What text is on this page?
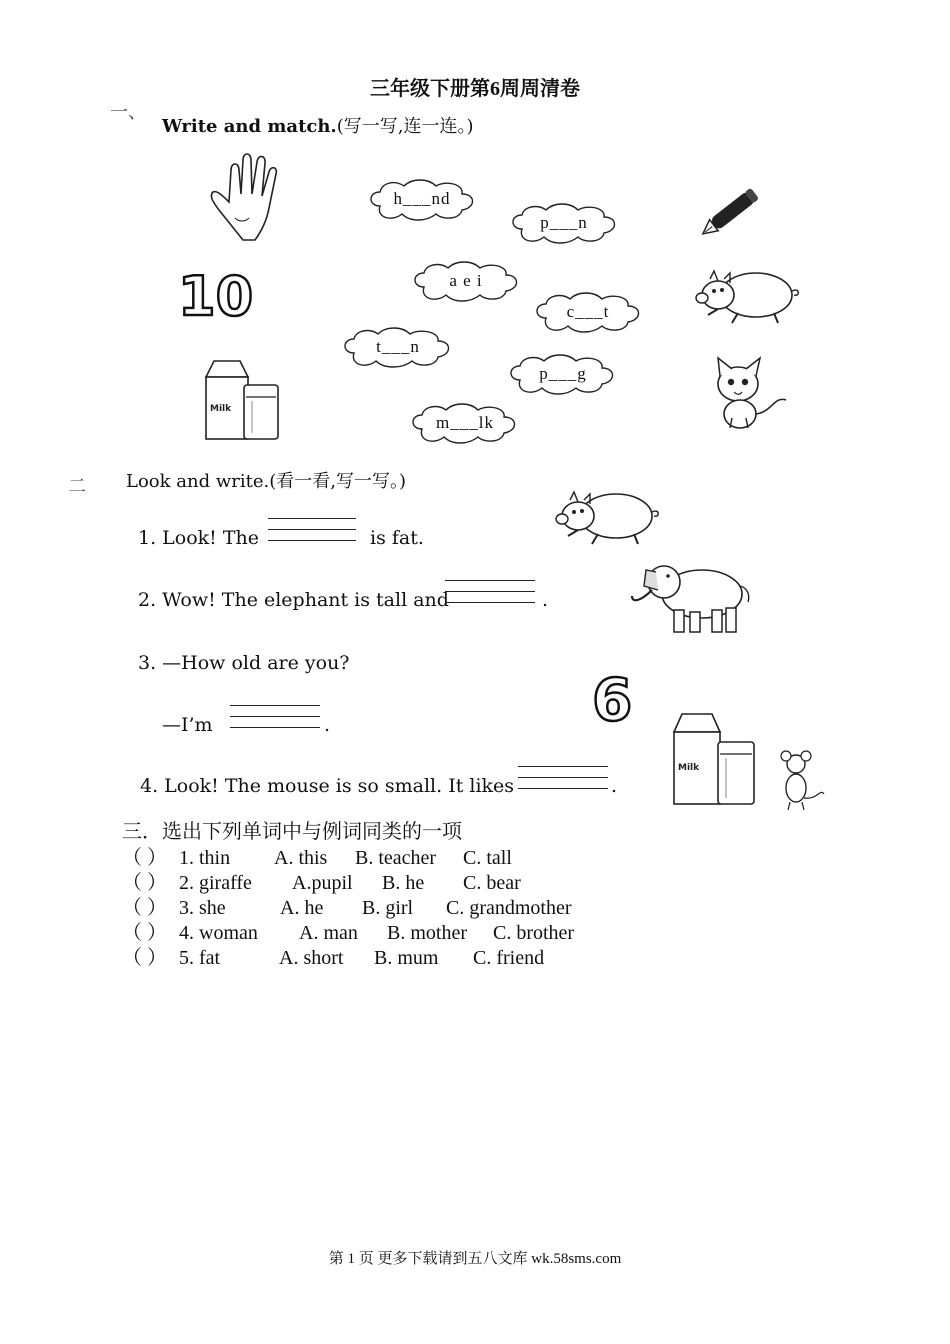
三年级下册第6周周清卷
一、
Write and match.(写一写,连一连。)
10
Milk
h___nd
p___n
a e i
c___t
t___n
p___g
m___lk
二 Look and write.(看一看,写一写。)
1. Look! The	is fat.
2. Wow! The elephant is tall and	.
3. —How old are you?
—I’m	.	6
Milk
4. Look! The mouse is so small. It likes	.
三．选出下列单词中与例词同类的一项
（ ） 1. thin A. this B. teacher C. tall
（ ） 2. giraffe A.pupil B. he C. bear
（ ） 3. she	A. he B. girl C. grandmother
（ ） 4. woman A. man B. mother C. brother
（ ） 5. fat	A. short B. mum C. friend
第 1 页 更多下载请到五八文库 wk.58sms.com
